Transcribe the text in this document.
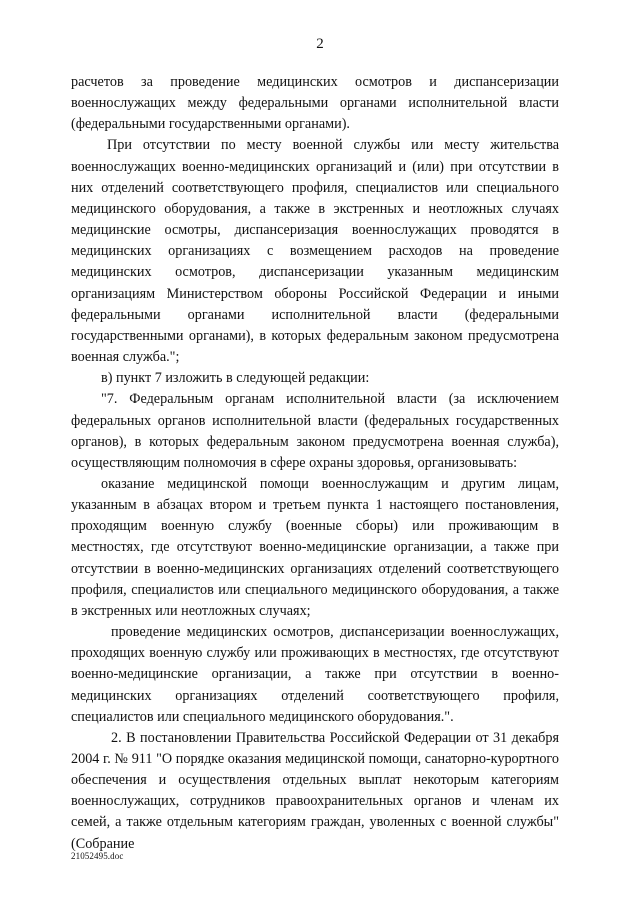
2

расчетов за проведение медицинских осмотров и диспансеризации военнослужащих между федеральными органами исполнительной власти (федеральными государственными органами).

При отсутствии по месту военной службы или месту жительства военнослужащих военно-медицинских организаций и (или) при отсутствии в них отделений соответствующего профиля, специалистов или специального медицинского оборудования, а также в экстренных и неотложных случаях медицинские осмотры, диспансеризация военнослужащих проводятся в медицинских организациях с возмещением расходов на проведение медицинских осмотров, диспансеризации указанным медицинским организациям Министерством обороны Российской Федерации и иными федеральными органами исполнительной власти (федеральными государственными органами), в которых федеральным законом предусмотрена военная служба.";

в) пункт 7 изложить в следующей редакции:

"7. Федеральным органам исполнительной власти (за исключением федеральных органов исполнительной власти (федеральных государственных органов), в которых федеральным законом предусмотрена военная служба), осуществляющим полномочия в сфере охраны здоровья, организовывать:

оказание медицинской помощи военнослужащим и другим лицам, указанным в абзацах втором и третьем пункта 1 настоящего постановления, проходящим военную службу (военные сборы) или проживающим в местностях, где отсутствуют военно-медицинские организации, а также при отсутствии в военно-медицинских организациях отделений соответствующего профиля, специалистов или специального медицинского оборудования, а также в экстренных или неотложных случаях;

проведение медицинских осмотров, диспансеризации военнослужащих, проходящих военную службу или проживающих в местностях, где отсутствуют военно-медицинские организации, а также при отсутствии в военно-медицинских организациях отделений соответствующего профиля, специалистов или специального медицинского оборудования.".

2. В постановлении Правительства Российской Федерации от 31 декабря 2004 г. № 911 "О порядке оказания медицинской помощи, санаторно-курортного обеспечения и осуществления отдельных выплат некоторым категориям военнослужащих, сотрудников правоохранительных органов и членам их семей, а также отдельным категориям граждан, уволенных с военной службы" (Собрание

21052495.doc
